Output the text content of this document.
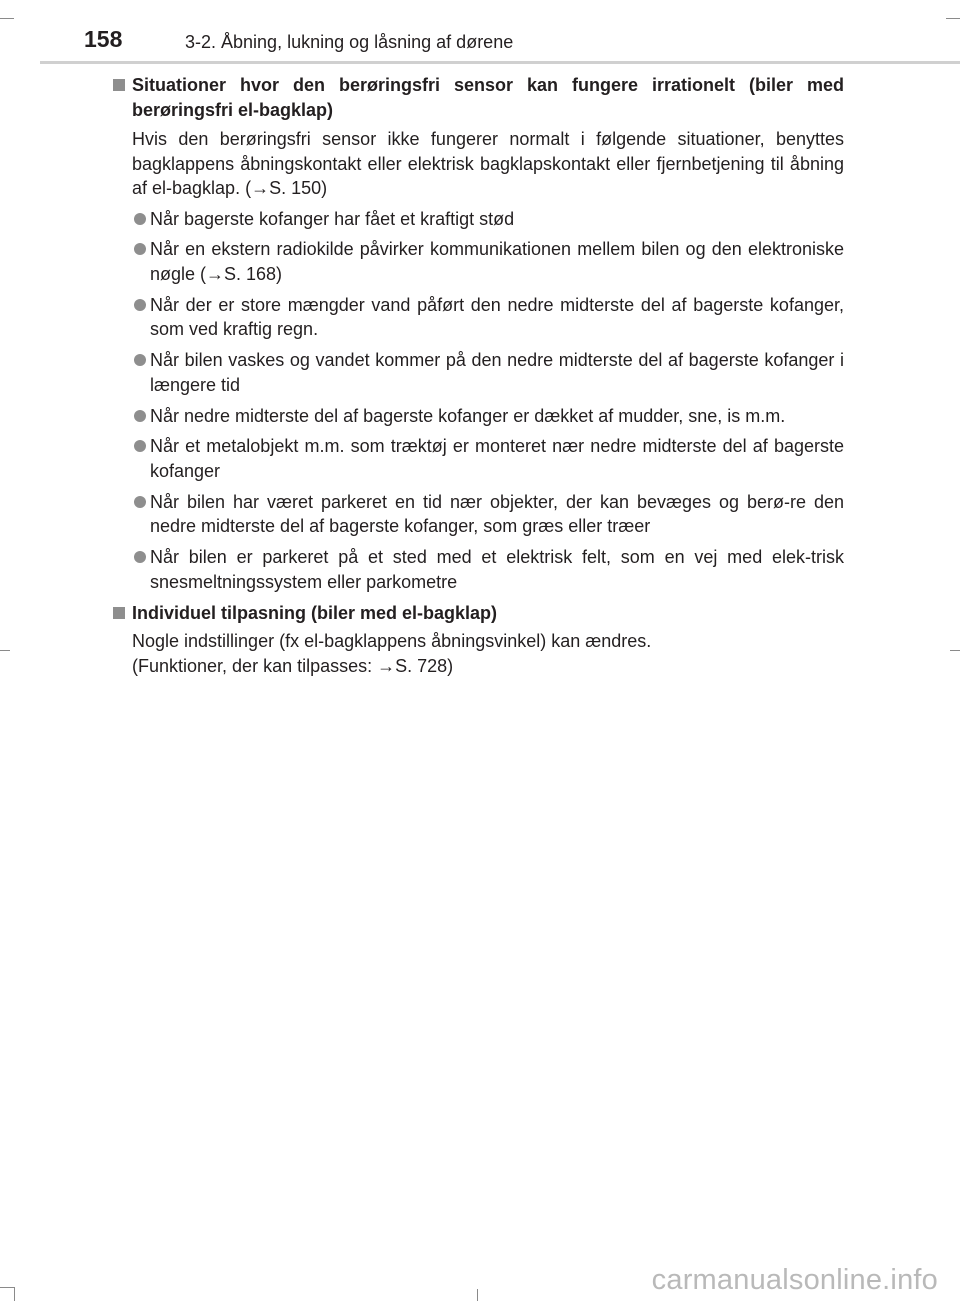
158	3-2. Åbning, lukning og låsning af dørene
Situationer hvor den berøringsfri sensor kan fungere irrationelt (biler med berøringsfri el-bagklap)
Hvis den berøringsfri sensor ikke fungerer normalt i følgende situationer, benyttes bagklappens åbningskontakt eller elektrisk bagklapskontakt eller fjernbetjening til åbning af el-bagklap. (→S. 150)
Når bagerste kofanger har fået et kraftigt stød
Når en ekstern radiokilde påvirker kommunikationen mellem bilen og den elektroniske nøgle (→S. 168)
Når der er store mængder vand påført den nedre midterste del af bagerste kofanger, som ved kraftig regn.
Når bilen vaskes og vandet kommer på den nedre midterste del af bagerste kofanger i længere tid
Når nedre midterste del af bagerste kofanger er dækket af mudder, sne, is m.m.
Når et metalobjekt m.m. som træktøj er monteret nær nedre midterste del af bagerste kofanger
Når bilen har været parkeret en tid nær objekter, der kan bevæges og berø-re den nedre midterste del af bagerste kofanger, som græs eller træer
Når bilen er parkeret på et sted med et elektrisk felt, som en vej med elek-trisk snesmeltningssystem eller parkometre
Individuel tilpasning (biler med el-bagklap)
Nogle indstillinger (fx el-bagklappens åbningsvinkel) kan ændres.
(Funktioner, der kan tilpasses: →S. 728)
carmanualsonline.info
